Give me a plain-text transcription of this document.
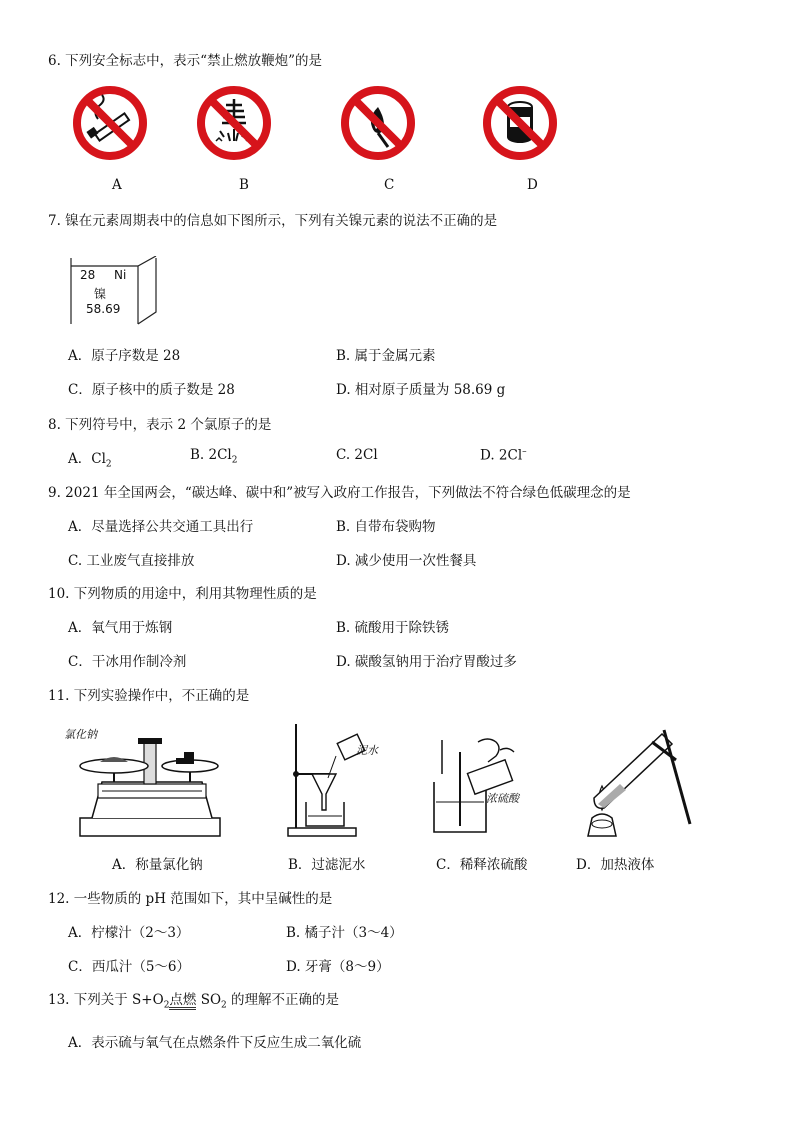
6. 下列安全标志中，表示“禁止燃放鞭炮”的是
A	B	C	D
7. 镍在元素周期表中的信息如下图所示，下列有关镍元素的说法不正确的是
28 Ni
镍
58.69
A．原子序数是 28	B. 属于金属元素
C．原子核中的质子数是 28	D. 相对原子质量为 58.69 g
8. 下列符号中，表示 2 个氯原子的是
A．$Cl_2$
B. $2Cl_2$	C. 2Cl	D. 2Cl–
9. 2021 年全国两会，“碳达峰、碳中和”被写入政府工作报告，下列做法不符合绿色低碳理念的是
A．尽量选择公共交通工具出行	B. 自带布袋购物
C. 工业废气直接排放	D. 减少使用一次性餐具
10. 下列物质的用途中，利用其物理性质的是
A．氧气用于炼钢	B. 硫酸用于除铁锈
C．干冰用作制冷剂	D. 碳酸氢钠用于治疗胃酸过多
11. 下列实验操作中，不正确的是
氯化钠
泥水
浓硫酸
A．称量氯化钠	B．过滤泥水	C．稀释浓硫酸	D．加热液体
12. 一些物质的 pH 范围如下，其中呈碱性的是
A．柠檬汁（2～3）	B. 橘子汁（3～4）
C．西瓜汁（5～6）	D. 牙膏（8～9）
13. 下列关于 $S+O_2$点燃 $SO_2$ 的理解不正确的是
A．表示硫与氧气在点燃条件下反应生成二氧化硫
